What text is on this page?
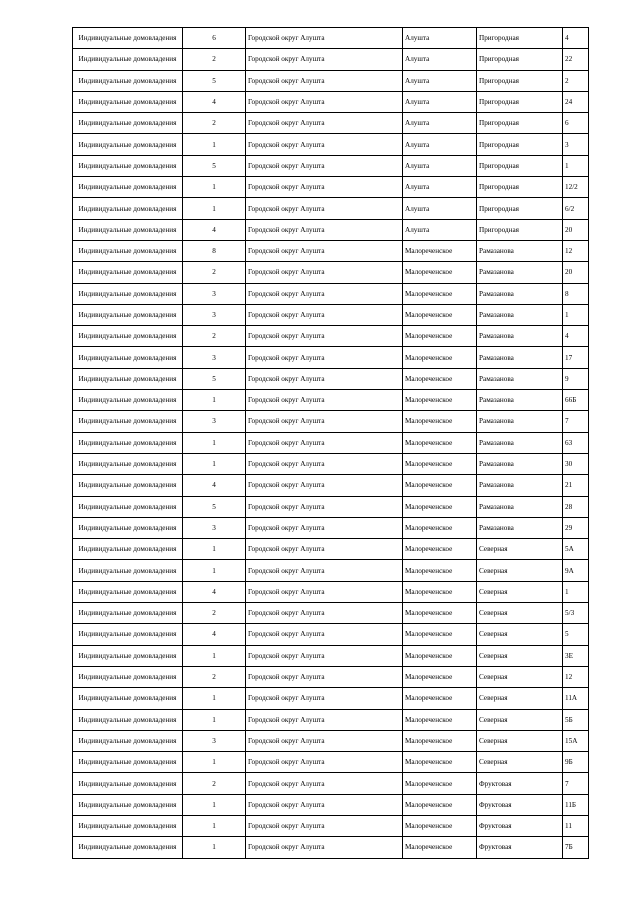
Индивидуальные домовладения	6	Городской округ Алушта	Алушта	Пригородная	4
Индивидуальные домовладения	2	Городской округ Алушта	Алушта	Пригородная	22
Индивидуальные домовладения	5	Городской округ Алушта	Алушта	Пригородная	2
Индивидуальные домовладения	4	Городской округ Алушта	Алушта	Пригородная	24
Индивидуальные домовладения	2	Городской округ Алушта	Алушта	Пригородная	6
Индивидуальные домовладения	1	Городской округ Алушта	Алушта	Пригородная	3
Индивидуальные домовладения	5	Городской округ Алушта	Алушта	Пригородная	1
Индивидуальные домовладения	1	Городской округ Алушта	Алушта	Пригородная	12/2
Индивидуальные домовладения	1	Городской округ Алушта	Алушта	Пригородная	6/2
Индивидуальные домовладения	4	Городской округ Алушта	Алушта	Пригородная	20
Индивидуальные домовладения	8	Городской округ Алушта	Малореченское	Рамазанова	12
Индивидуальные домовладения	2	Городской округ Алушта	Малореченское	Рамазанова	20
Индивидуальные домовладения	3	Городской округ Алушта	Малореченское	Рамазанова	8
Индивидуальные домовладения	3	Городской округ Алушта	Малореченское	Рамазанова	1
Индивидуальные домовладения	2	Городской округ Алушта	Малореченское	Рамазанова	4
Индивидуальные домовладения	3	Городской округ Алушта	Малореченское	Рамазанова	17
Индивидуальные домовладения	5	Городской округ Алушта	Малореченское	Рамазанова	9
Индивидуальные домовладения	1	Городской округ Алушта	Малореченское	Рамазанова	66Б
Индивидуальные домовладения	3	Городской округ Алушта	Малореченское	Рамазанова	7
Индивидуальные домовладения	1	Городской округ Алушта	Малореченское	Рамазанова	63
Индивидуальные домовладения	1	Городской округ Алушта	Малореченское	Рамазанова	30
Индивидуальные домовладения	4	Городской округ Алушта	Малореченское	Рамазанова	21
Индивидуальные домовладения	5	Городской округ Алушта	Малореченское	Рамазанова	28
Индивидуальные домовладения	3	Городской округ Алушта	Малореченское	Рамазанова	29
Индивидуальные домовладения	1	Городской округ Алушта	Малореченское	Северная	5А
Индивидуальные домовладения	1	Городской округ Алушта	Малореченское	Северная	9А
Индивидуальные домовладения	4	Городской округ Алушта	Малореченское	Северная	1
Индивидуальные домовладения	2	Городской округ Алушта	Малореченское	Северная	5/3
Индивидуальные домовладения	4	Городской округ Алушта	Малореченское	Северная	5
Индивидуальные домовладения	1	Городской округ Алушта	Малореченское	Северная	3Е
Индивидуальные домовладения	2	Городской округ Алушта	Малореченское	Северная	12
Индивидуальные домовладения	1	Городской округ Алушта	Малореченское	Северная	11А
Индивидуальные домовладения	1	Городской округ Алушта	Малореченское	Северная	5Б
Индивидуальные домовладения	3	Городской округ Алушта	Малореченское	Северная	15А
Индивидуальные домовладения	1	Городской округ Алушта	Малореченское	Северная	9Б
Индивидуальные домовладения	2	Городской округ Алушта	Малореченское	Фруктовая	7
Индивидуальные домовладения	1	Городской округ Алушта	Малореченское	Фруктовая	11Б
Индивидуальные домовладения	1	Городской округ Алушта	Малореченское	Фруктовая	11
Индивидуальные домовладения	1	Городской округ Алушта	Малореченское	Фруктовая	7Б
